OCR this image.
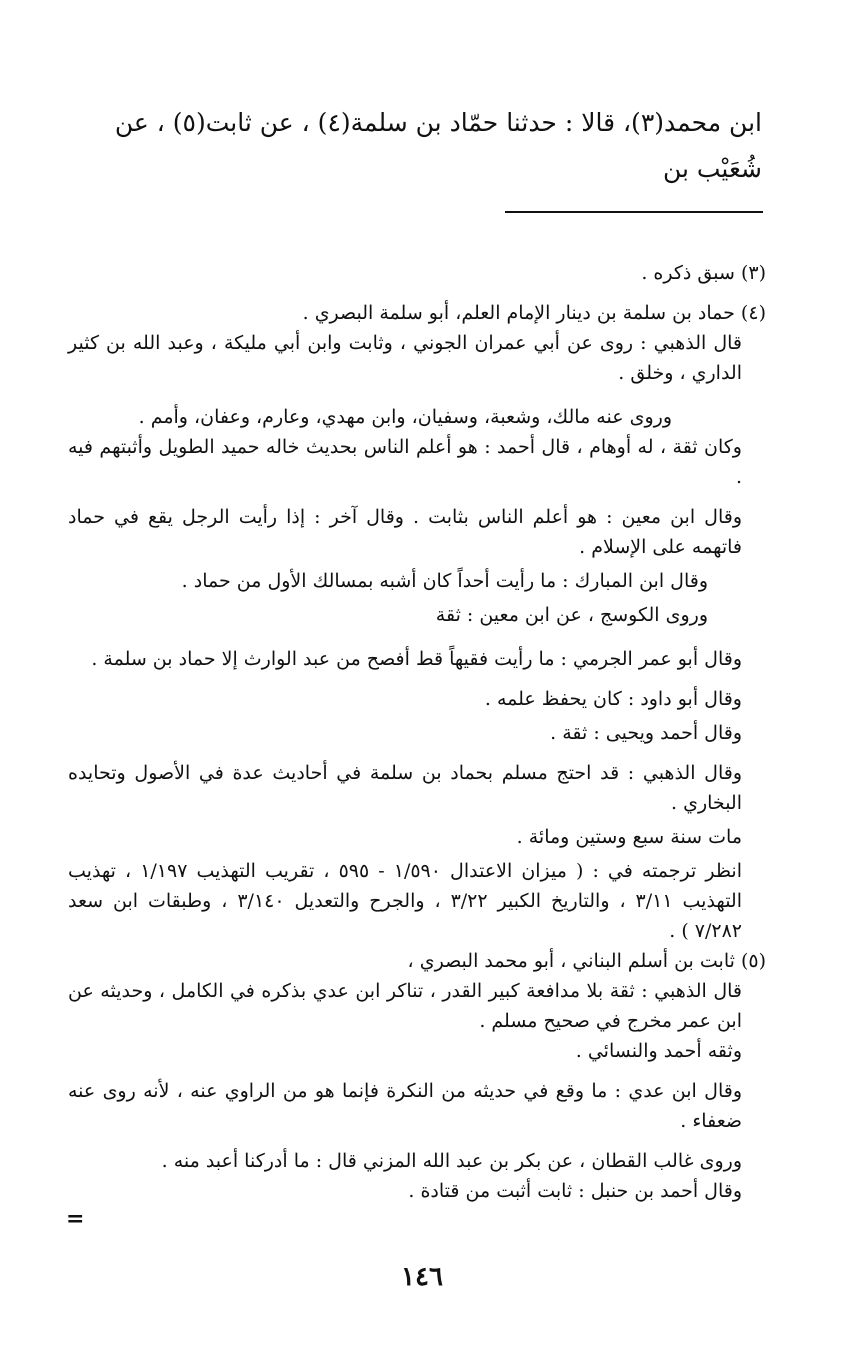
ابن محمد(٣)، قالا : حدثنا حمّاد بن سلمة(٤) ، عن ثابت(٥) ، عن شُعَيْب بن

(٣) سبق ذكره .

(٤) حماد بن سلمة بن دينار الإمام العلم، أبو سلمة البصري .

قال الذهبي : روى عن أبي عمران الجوني ، وثابت وابن أبي مليكة ، وعبد الله بن كثير الداري ، وخلق .

وروى عنه مالك، وشعبة، وسفيان، وابن مهدي، وعارم، وعفان، وأمم .

وكان ثقة ، له أوهام ، قال أحمد : هو أعلم الناس بحديث خاله حميد الطويل وأثبتهم فيه .

وقال ابن معين : هو أعلم الناس بثابت . وقال آخر : إذا رأيت الرجل يقع في حماد فاتهمه على الإسلام .

وقال ابن المبارك : ما رأيت أحداً كان أشبه بمسالك الأول من حماد .

وروى الكوسج ، عن ابن معين : ثقة

وقال أبو عمر الجرمي : ما رأيت فقيهاً قط أفصح من عبد الوارث إلا حماد بن سلمة .

وقال أبو داود : كان يحفظ علمه .

وقال أحمد ويحيى : ثقة .

وقال الذهبي : قد احتج مسلم بحماد بن سلمة في أحاديث عدة في الأصول وتحايده البخاري .

مات سنة سبع وستين ومائة .

انظر ترجمته في : ( ميزان الاعتدال ١/٥٩٠ - ٥٩٥ ، تقريب التهذيب ١/١٩٧ ، تهذيب التهذيب ٣/١١ ، والتاريخ الكبير ٣/٢٢ ، والجرح والتعديل ٣/١٤٠ ، وطبقات ابن سعد ٧/٢٨٢ ) .

(٥) ثابت بن أسلم البناني ، أبو محمد البصري ،

قال الذهبي : ثقة بلا مدافعة كبير القدر ، تناكر ابن عدي بذكره في الكامل ، وحديثه عن ابن عمر مخرج في صحيح مسلم .

وثقه أحمد والنسائي .

وقال ابن عدي : ما وقع في حديثه من النكرة فإنما هو من الراوي عنه ، لأنه روى عنه ضعفاء .

وروى غالب القطان ، عن بكر بن عبد الله المزني قال : ما أدركنا أعبد منه .

وقال أحمد بن حنبل : ثابت أثبت من قتادة .

=
١٤٦
